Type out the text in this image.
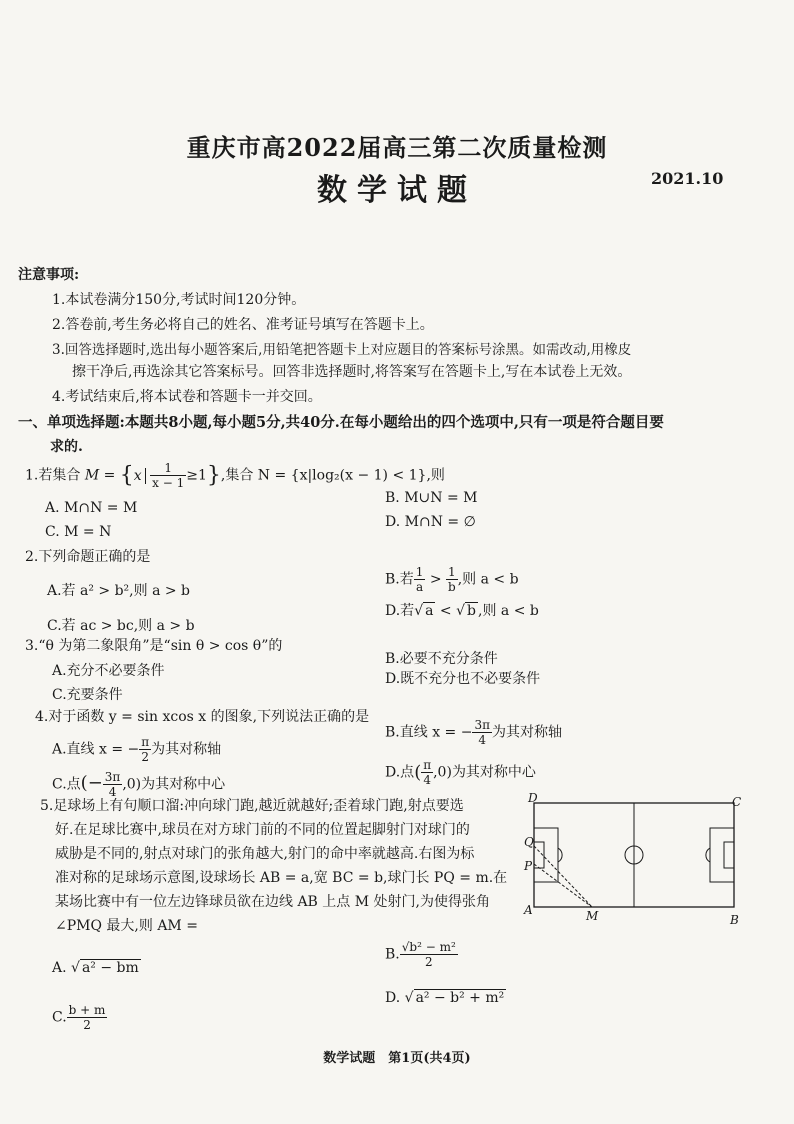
重庆市高2022届高三第二次质量检测
数学试题	2021.10
注意事项:
1.本试卷满分150分,考试时间120分钟。
2.答卷前,考生务必将自己的姓名、准考证号填写在答题卡上。
3.回答选择题时,选出每小题答案后,用铅笔把答题卡上对应题目的答案标号涂黑。如需改动,用橡皮
擦干净后,再选涂其它答案标号。回答非选择题时,将答案写在答题卡上,写在本试卷上无效。
4.考试结束后,将本试卷和答题卡一并交回。
一、单项选择题:本题共8小题,每小题5分,共40分.在每小题给出的四个选项中,只有一项是符合题目要
求的.
1.若集合 $M = \{x \frac{1}{x - 1} \ge 1\}$,集合 N = {x|log₂(x − 1) < 1},则
B. M∪N = M
A. M∩N = M
D. M∩N = ∅
C. M = N
2.下列命题正确的是
A.若 a² > b²,则 a > b
B.若 $\frac{1}{a} > \frac{1}{b}$ ,则 a < b
D.若√ a < √ b ,则 a < b
C.若 ac > bc,则 a > b
3.“θ 为第二象限角”是“sin θ > cos θ”的
B.必要不充分条件
A.充分不必要条件	D.既不充分也不必要条件
C.充要条件
4.对于函数 y = sin xcos x 的图象,下列说法正确的是
B.直线 x = − $\frac{3\pi}{4}$ 为其对称轴
A.直线 x = − $\frac{\pi}{2}$ 为其对称轴
D.点( $\frac{\pi}{4} ,0$)为其对称中心
C.点(− $\frac{3\pi}{4} ,0$)为其对称中心
5.足球场上有句顺口溜:冲向球门跑,越近就越好;歪着球门跑,射点要选
好.在足球比赛中,球员在对方球门前的不同的位置起脚射门对球门的
威胁是不同的,射点对球门的张角越大,射门的命中率就越高.右图为标
准对称的足球场示意图,设球场长 AB = a,宽 BC = b,球门长 PQ = m.在
某场比赛中有一位左边锋球员欲在边线 AB 上点 M 处射门,为使得张角
∠PMQ 最大,则 AM =
B. $\frac{\text{√b² − m²}}{2}$
A. √ a² − bm
D. √ a² − b² + m²
C. $\frac{b + m}{2}$
D	C
Q
P
A	M	B
数学试题　第1页(共4页)
